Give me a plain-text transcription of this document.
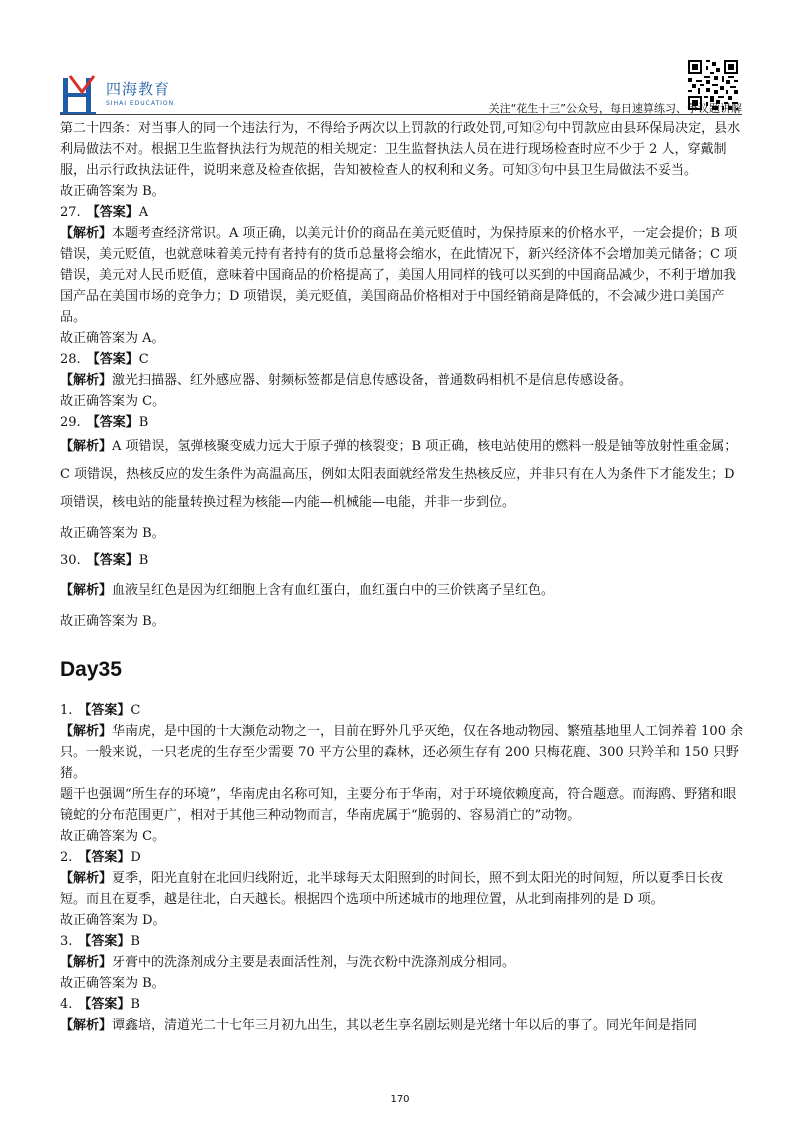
四海教育
SIHAI EDUCATION	关注“花生十三”公众号，每日速算练习、争议题讲解

第二十四条：对当事人的同一个违法行为，不得给予两次以上罚款的行政处罚,可知②句中罚款应由县环保局决定，县水利局做法不对。根据卫生监督执法行为规范的相关规定：卫生监督执法人员在进行现场检查时应不少于 2 人，穿戴制服，出示行政执法证件，说明来意及检查依据，告知被检查人的权利和义务。可知③句中县卫生局做法不妥当。

故正确答案为 B。

27. 【答案】A

【解析】本题考查经济常识。A 项正确，以美元计价的商品在美元贬值时，为保持原来的价格水平，一定会提价；B 项错误，美元贬值，也就意味着美元持有者持有的货币总量将会缩水，在此情况下，新兴经济体不会增加美元储备；C 项错误，美元对人民币贬值，意味着中国商品的价格提高了，美国人用同样的钱可以买到的中国商品减少，不利于增加我国产品在美国市场的竞争力；D 项错误，美元贬值，美国商品价格相对于中国经销商是降低的，不会减少进口美国产品。

故正确答案为 A。

28. 【答案】C

【解析】激光扫描器、红外感应器、射频标签都是信息传感设备，普通数码相机不是信息传感设备。

故正确答案为 C。

29. 【答案】B

【解析】A 项错误，氢弹核聚变威力远大于原子弹的核裂变；B 项正确，核电站使用的燃料一般是铀等放射性重金属；C 项错误，热核反应的发生条件为高温高压，例如太阳表面就经常发生热核反应，并非只有在人为条件下才能发生；D 项错误，核电站的能量转换过程为核能—内能—机械能—电能，并非一步到位。

故正确答案为 B。

30. 【答案】B

【解析】血液呈红色是因为红细胞上含有血红蛋白，血红蛋白中的三价铁离子呈红色。

故正确答案为 B。

Day35

1. 【答案】C

【解析】华南虎，是中国的十大濒危动物之一，目前在野外几乎灭绝，仅在各地动物园、繁殖基地里人工饲养着 100 余只。一般来说，一只老虎的生存至少需要 70 平方公里的森林，还必须生存有 200 只梅花鹿、300 只羚羊和 150 只野猪。

题干也强调“所生存的环境”，华南虎由名称可知，主要分布于华南，对于环境依赖度高，符合题意。而海鸥、野猪和眼镜蛇的分布范围更广，相对于其他三种动物而言，华南虎属于“脆弱的、容易消亡的”动物。

故正确答案为 C。

2. 【答案】D

【解析】夏季，阳光直射在北回归线附近，北半球每天太阳照到的时间长，照不到太阳光的时间短，所以夏季日长夜短。而且在夏季，越是往北，白天越长。根据四个选项中所述城市的地理位置，从北到南排列的是 D 项。

故正确答案为 D。

3. 【答案】B

【解析】牙膏中的洗涤剂成分主要是表面活性剂，与洗衣粉中洗涤剂成分相同。

故正确答案为 B。

4. 【答案】B

【解析】谭鑫培，清道光二十七年三月初九出生，其以老生享名剧坛则是光绪十年以后的事了。同光年间是指同

170
